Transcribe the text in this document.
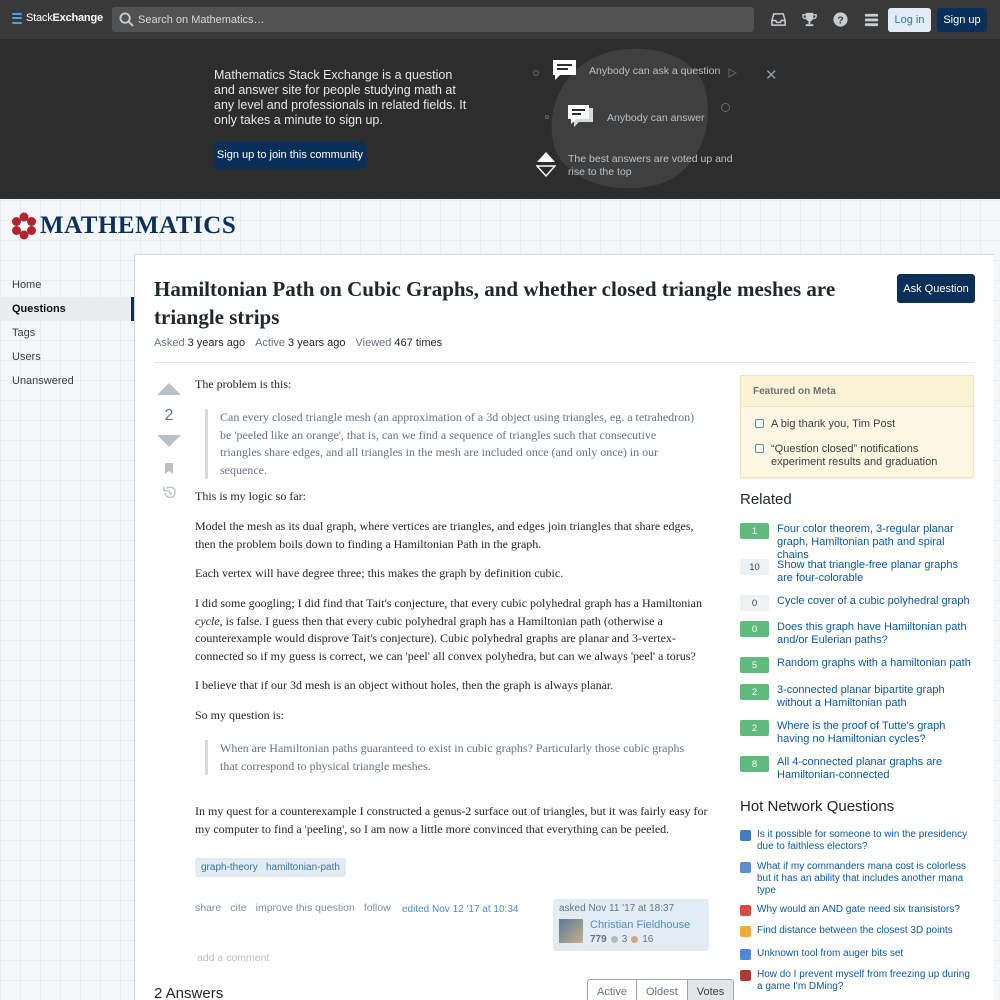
Stack Exchange	Search on Mathematics…	?	Log in	Sign up
Mathematics Stack Exchange is a question and answer site for people studying math at any level and professionals in related fields. It only takes a minute to sign up.
Sign up to join this community
Anybody can ask a question	✕
Anybody can answer
The best answers are voted up and rise to the top
MATHEMATICS
Home
Questions
Tags
Users
Unanswered
Hamiltonian Path on Cubic Graphs, and whether closed triangle meshes are triangle strips
Ask Question
Asked 3 years ago Active 3 years ago Viewed 467 times
2

The problem is this:

Can every closed triangle mesh (an approximation of a 3d object using triangles, eg. a tetrahedron) be 'peeled like an orange', that is, can we find a sequence of triangles such that consecutive triangles share edges, and all triangles in the mesh are included once (and only once) in our sequence.

This is my logic so far:

Model the mesh as its dual graph, where vertices are triangles, and edges join triangles that share edges, then the problem boils down to finding a Hamiltonian Path in the graph.

Each vertex will have degree three; this makes the graph by definition cubic.

I did some googling; I did find that Tait's conjecture, that every cubic polyhedral graph has a Hamiltonian cycle, is false. I guess then that every cubic polyhedral graph has a Hamiltonian path (otherwise a counterexample would disprove Tait's conjecture). Cubic polyhedral graphs are planar and 3-vertex-connected so if my guess is correct, we can 'peel' all convex polyhedra, but can we always 'peel' a torus?

I believe that if our 3d mesh is an object without holes, then the graph is always planar.

So my question is:

When are Hamiltonian paths guaranteed to exist in cubic graphs? Particularly those cubic graphs that correspond to physical triangle meshes.

In my quest for a counterexample I constructed a genus-2 surface out of triangles, but it was fairly easy for my computer to find a 'peeling', so I am now a little more convinced that everything can be peeled.

graph-theory hamiltonian-path
share cite improve this question follow edited Nov 12 '17 at 10:34	asked Nov 11 '17 at 18:37
Christian Fieldhouse
779 3 16
add a comment
2 Answers	Active	Oldest	Votes
Featured on Meta
A big thank you, Tim Post
“Question closed” notifications experiment results and graduation
Related
1	Four color theorem, 3-regular planar graph, Hamiltonian path and spiral chains
10	Show that triangle-free planar graphs are four-colorable
0	Cycle cover of a cubic polyhedral graph
0	Does this graph have Hamiltonian path and/or Eulerian paths?
5	Random graphs with a hamiltonian path
2	3-connected planar bipartite graph without a Hamiltonian path
2	Where is the proof of Tutte's graph having no Hamiltonian cycles?
8	All 4-connected planar graphs are Hamiltonian-connected
Hot Network Questions
Is it possible for someone to win the presidency due to faithless electors?
What if my commanders mana cost is colorless but it has an ability that includes another mana type
Why would an AND gate need six transistors?
Find distance between the closest 3D points
Unknown tool from auger bits set
How do I prevent myself from freezing up during a game I'm DMing?
